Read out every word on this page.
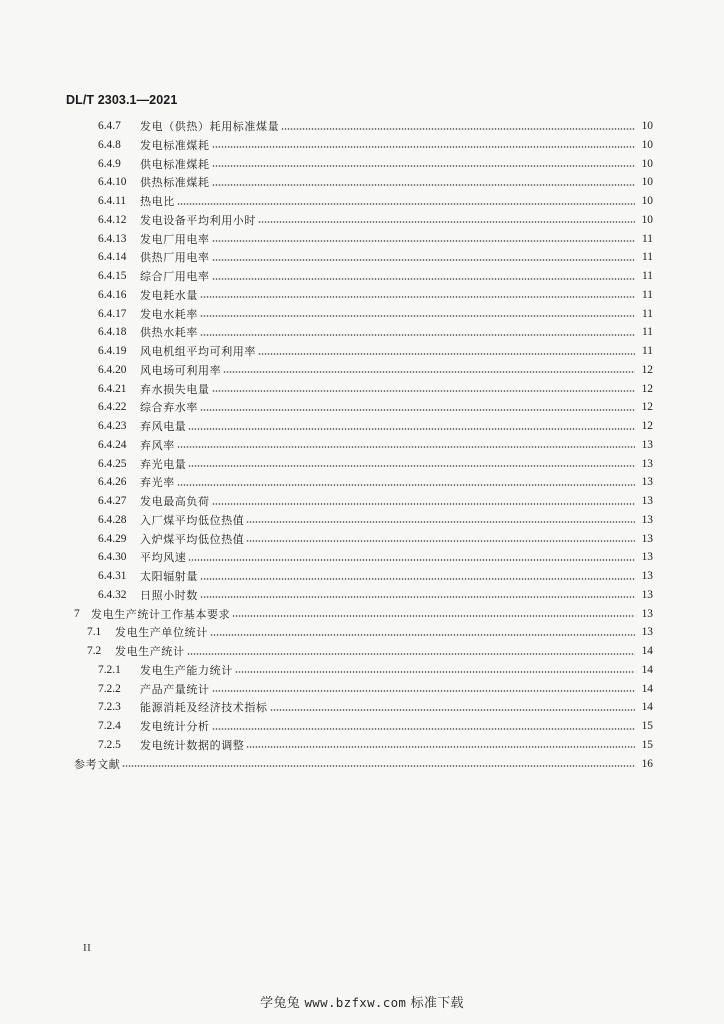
DL/T 2303.1—2021
6.4.7	发电（供热）耗用标准煤量	10
6.4.8	发电标准煤耗	10
6.4.9	供电标准煤耗	10
6.4.10	供热标准煤耗	10
6.4.11	热电比	10
6.4.12	发电设备平均利用小时	10
6.4.13	发电厂用电率	11
6.4.14	供热厂用电率	11
6.4.15	综合厂用电率	11
6.4.16	发电耗水量	11
6.4.17	发电水耗率	11
6.4.18	供热水耗率	11
6.4.19	风电机组平均可利用率	11
6.4.20	风电场可利用率	12
6.4.21	弃水损失电量	12
6.4.22	综合弃水率	12
6.4.23	弃风电量	12
6.4.24	弃风率	13
6.4.25	弃光电量	13
6.4.26	弃光率	13
6.4.27	发电最高负荷	13
6.4.28	入厂煤平均低位热值	13
6.4.29	入炉煤平均低位热值	13
6.4.30	平均风速	13
6.4.31	太阳辐射量	13
6.4.32	日照小时数	13
7	发电生产统计工作基本要求	13
7.1	发电生产单位统计	13
7.2	发电生产统计	14
7.2.1	发电生产能力统计	14
7.2.2	产品产量统计	14
7.2.3	能源消耗及经济技术指标	14
7.2.4	发电统计分析	15
7.2.5	发电统计数据的调整	15
参考文献	16
II
学兔兔 www.bzfxw.com 标准下载
